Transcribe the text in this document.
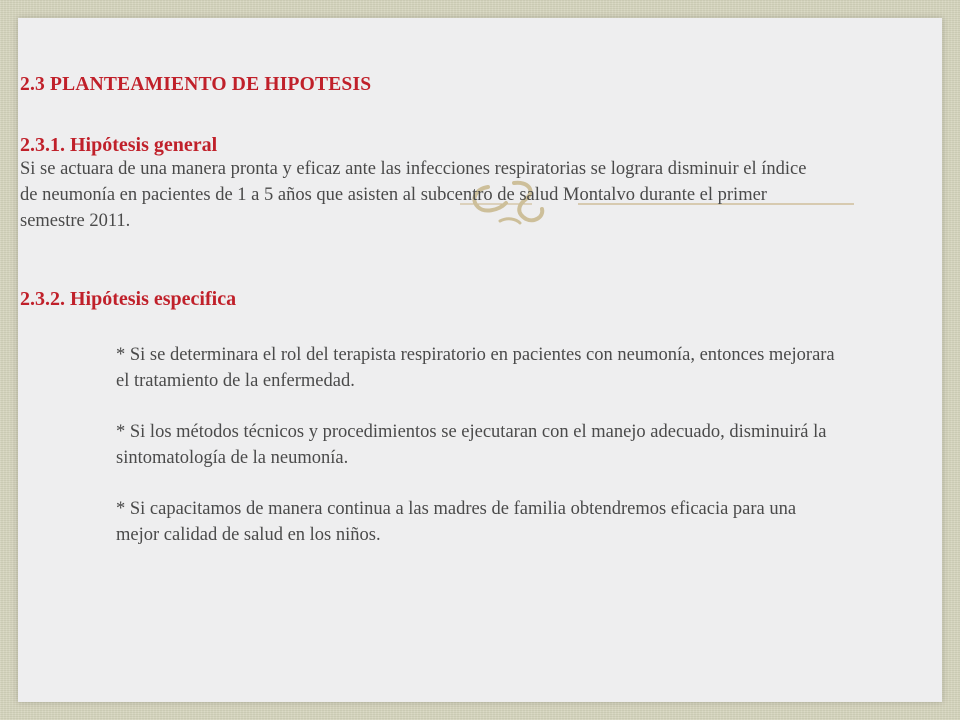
2.3 PLANTEAMIENTO DE HIPOTESIS
2.3.1. Hipótesis general

Si se actuara de una manera pronta y eficaz ante las infecciones respiratorias se lograra disminuir el índice de neumonía en pacientes de 1 a 5 años que asisten al subcentro de salud Montalvo durante el primer semestre 2011.

2.3.2. Hipótesis especifica
* Si se determinara el rol del terapista respiratorio en pacientes con neumonía, entonces mejorara el tratamiento de la enfermedad.
* Si los métodos técnicos y procedimientos se ejecutaran con el manejo adecuado, disminuirá la sintomatología de la neumonía.
* Si capacitamos de manera continua a las madres de familia obtendremos eficacia para una mejor calidad de salud en los niños.
